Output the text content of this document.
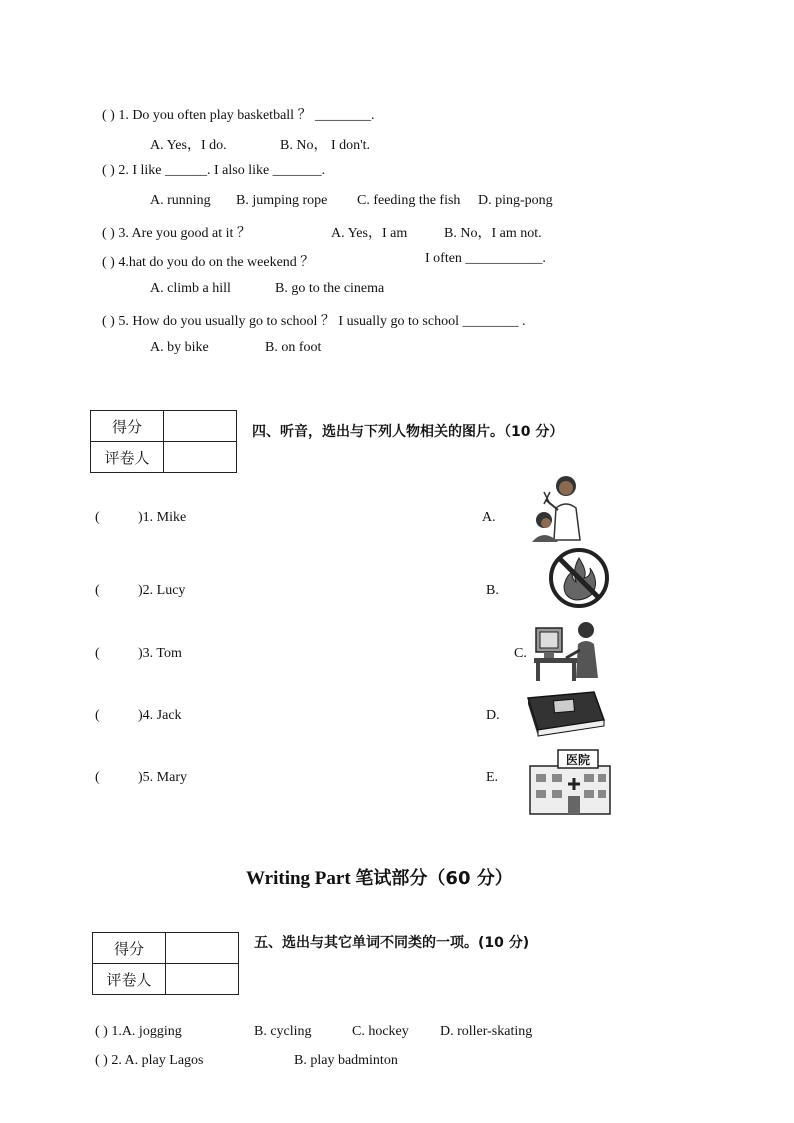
( ) 1. Do you often play basketball ？ ________.
A. Yes，I do.	B. No， I don't.
( ) 2. I like ______. I also like _______.
A. running B. jumping rope C. feeding the fish D. ping-pong
( ) 3. Are you good at it ？	A. Yes，I am	B. No，I am not.
( ) 4.hat do you do on the weekend ？	I often ___________.
A. climb a hill	B. go to the cinema
( ) 5. How do you usually go to school ？ I usually go to school ________ .
A. by bike	B. on foot
得分	
评卷人	
四、听音，选出与下列人物相关的图片。（10 分）
(	)1. Mike	A.
(	)2. Lucy	B.
(	)3. Tom	C.
(	)4. Jack	D.
(	)5. Mary	E.
医院
Writing Part 笔试部分（60 分）
得分	
评卷人	
五、选出与其它单词不同类的一项。(10 分)
( ) 1.A. jogging	B. cycling	C. hockey D. roller-skating
( ) 2. A. play Lagos	B. play badminton
